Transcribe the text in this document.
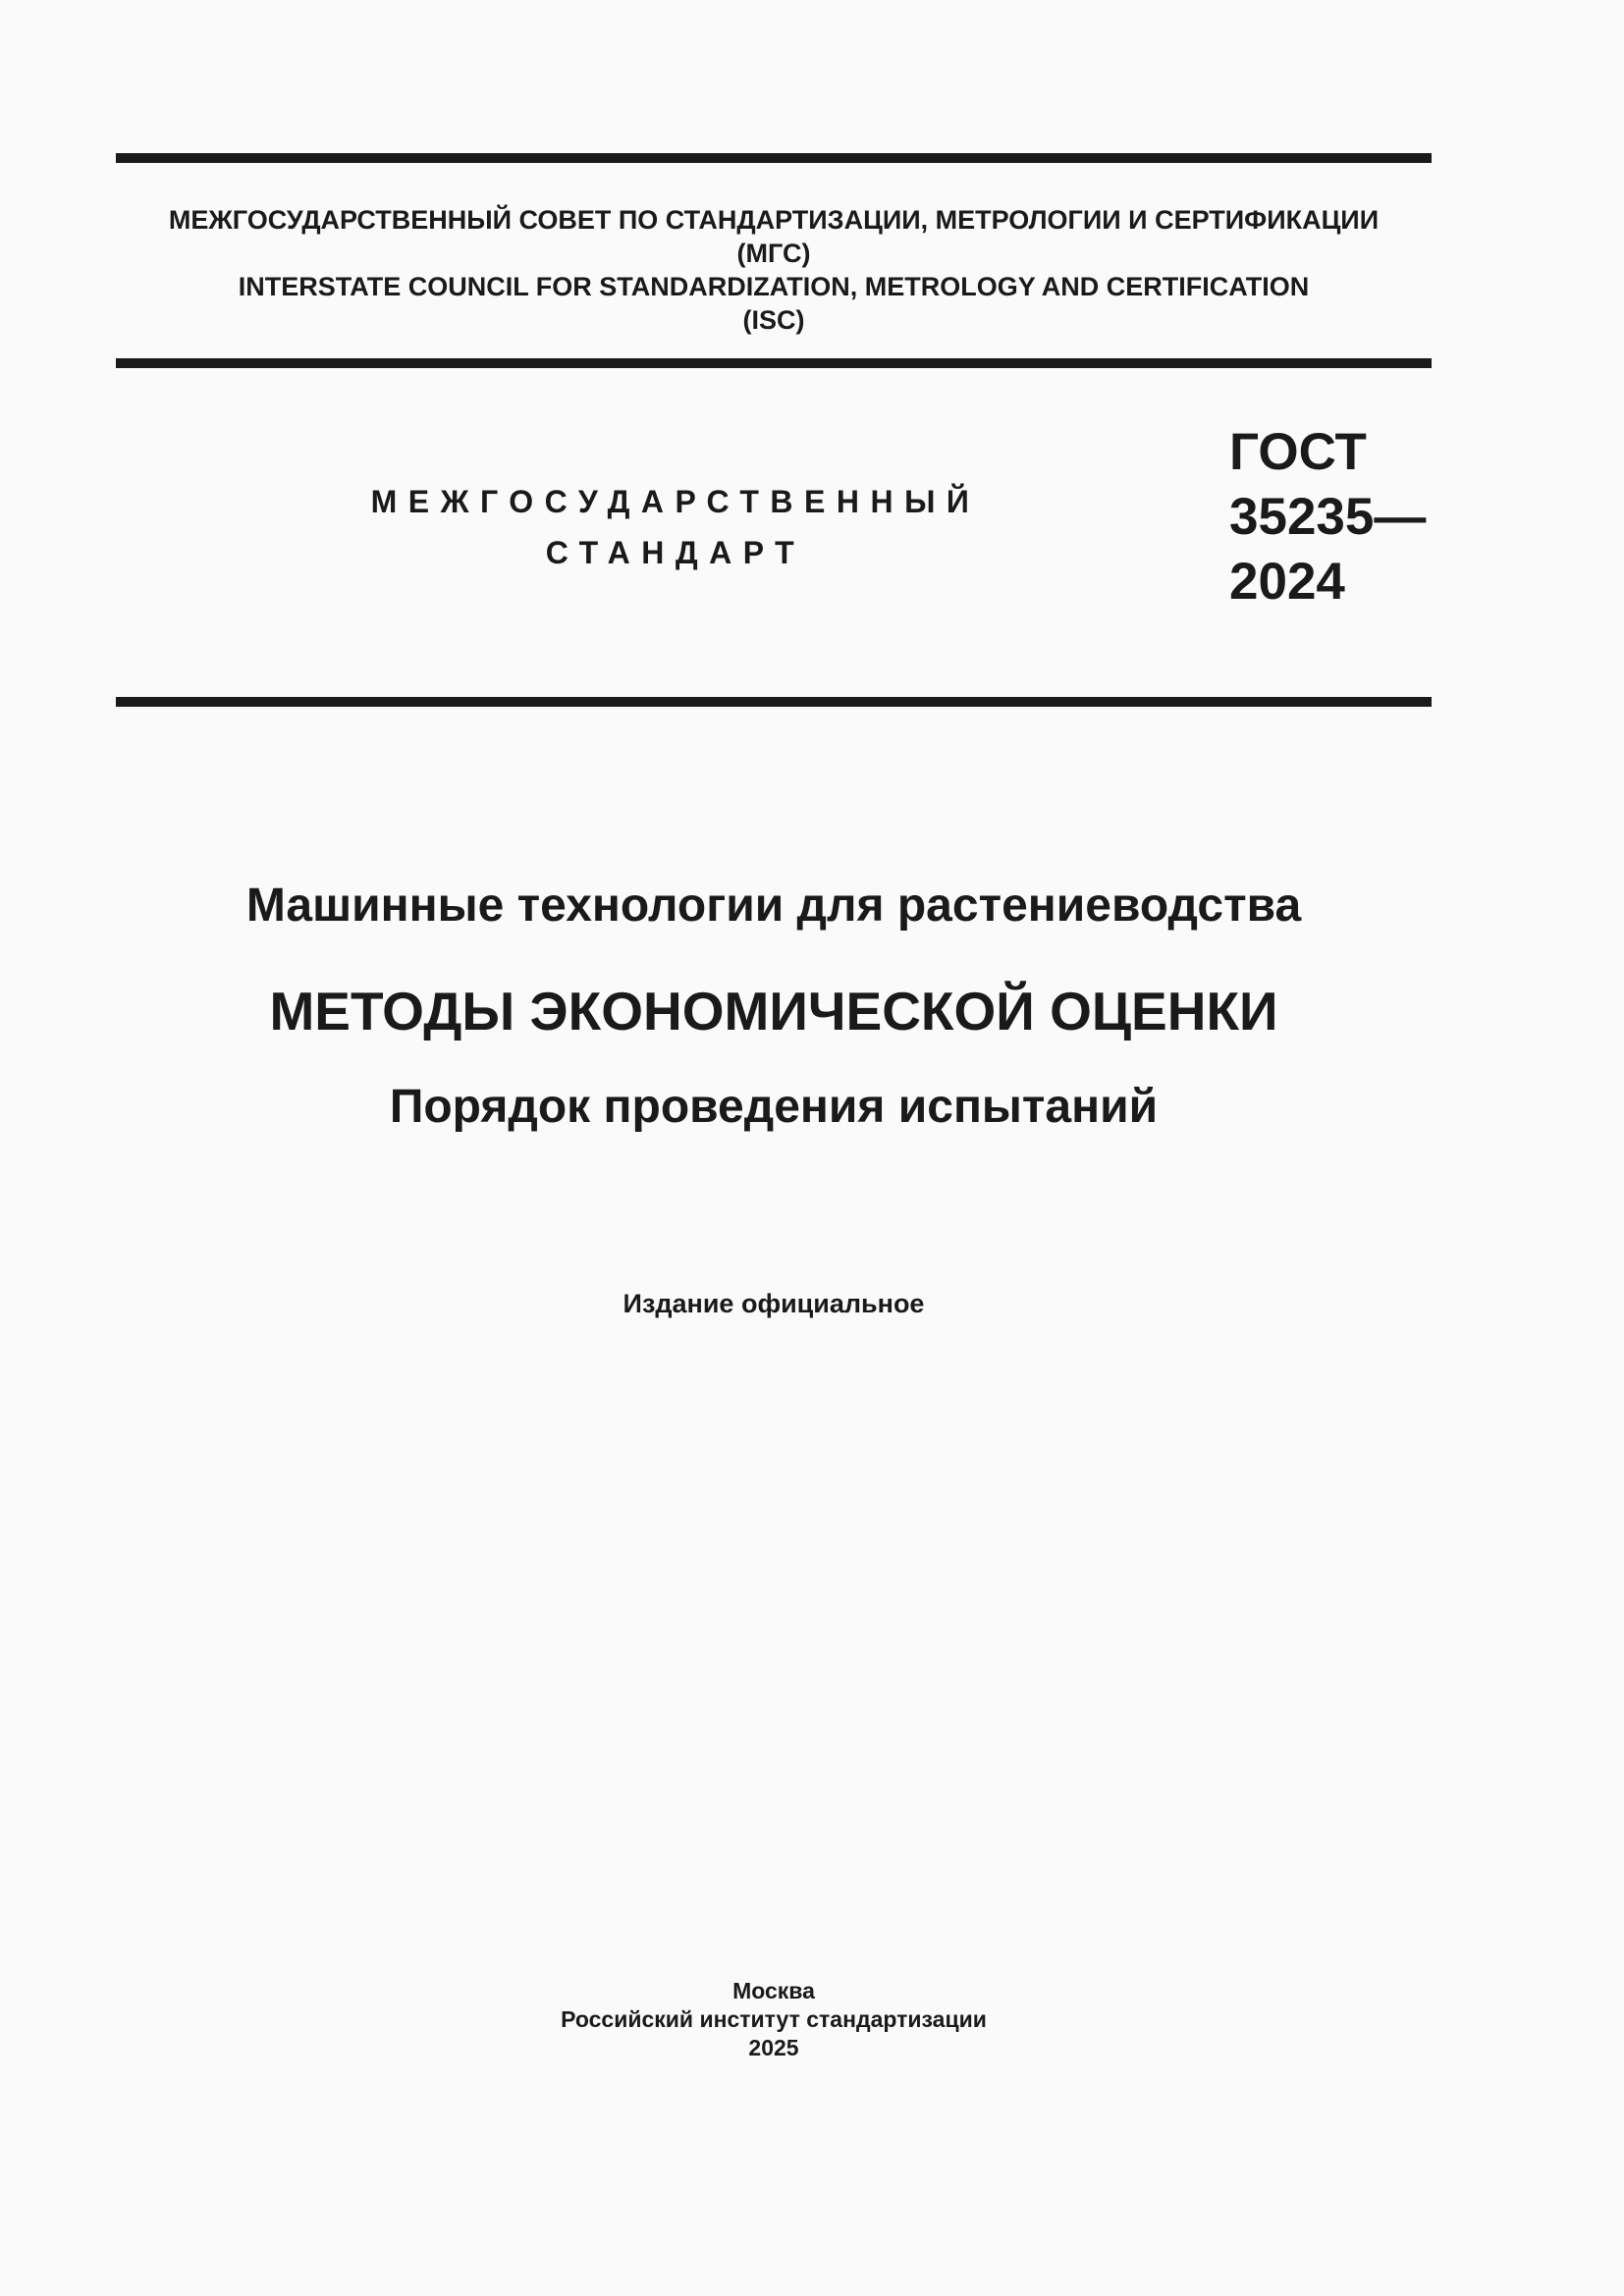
МЕЖГОСУДАРСТВЕННЫЙ СОВЕТ ПО СТАНДАРТИЗАЦИИ, МЕТРОЛОГИИ И СЕРТИФИКАЦИИ
(МГС)
INTERSTATE COUNCIL FOR STANDARDIZATION, METROLOGY AND CERTIFICATION
(ISC)
МЕЖГОСУДАРСТВЕННЫЙ
СТАНДАРТ
ГОСТ
35235—
2024
Машинные технологии для растениеводства
МЕТОДЫ ЭКОНОМИЧЕСКОЙ ОЦЕНКИ
Порядок проведения испытаний
Издание официальное
Москва
Российский институт стандартизации
2025
